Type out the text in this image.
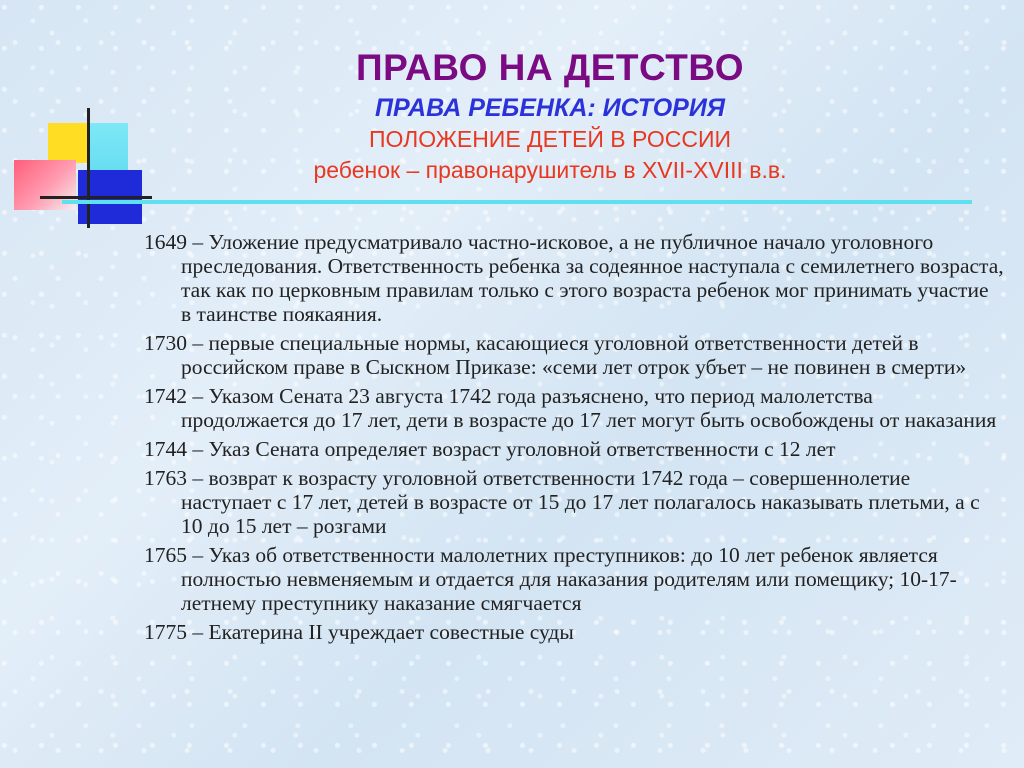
ПРАВО НА ДЕТСТВО
ПРАВА РЕБЕНКА: ИСТОРИЯ
ПОЛОЖЕНИЕ ДЕТЕЙ В РОССИИ
ребенок – правонарушитель в XVII-XVIII в.в.

1649 – Уложение предусматривало частно-исковое, а не публичное начало уголовного преследования. Ответственность ребенка за содеянное наступала с семилетнего возраста, так как по церковным правилам только с этого возраста ребенок мог принимать участие в таинстве поякаяния.

1730 – первые специальные нормы, касающиеся уголовной ответственности детей в российском праве в Сыскном Приказе: «семи лет отрок убъет – не повинен в смерти»

1742 – Указом Сената 23 августа 1742 года разъяснено, что период малолетства продолжается до 17 лет, дети в возрасте до 17 лет могут быть освобождены от наказания

1744 – Указ Сената определяет возраст уголовной ответственности с 12 лет

1763 – возврат к возрасту уголовной ответственности 1742 года – совершеннолетие наступает с 17 лет, детей в возрасте от 15 до 17 лет полагалось наказывать плетьми, а с 10 до 15 лет – розгами

1765 – Указ об ответственности малолетних преступников: до 10 лет ребенок является полностью невменяемым и отдается для наказания родителям или помещику; 10-17-летнему преступнику наказание смягчается

1775 – Екатерина II учреждает совестные суды
